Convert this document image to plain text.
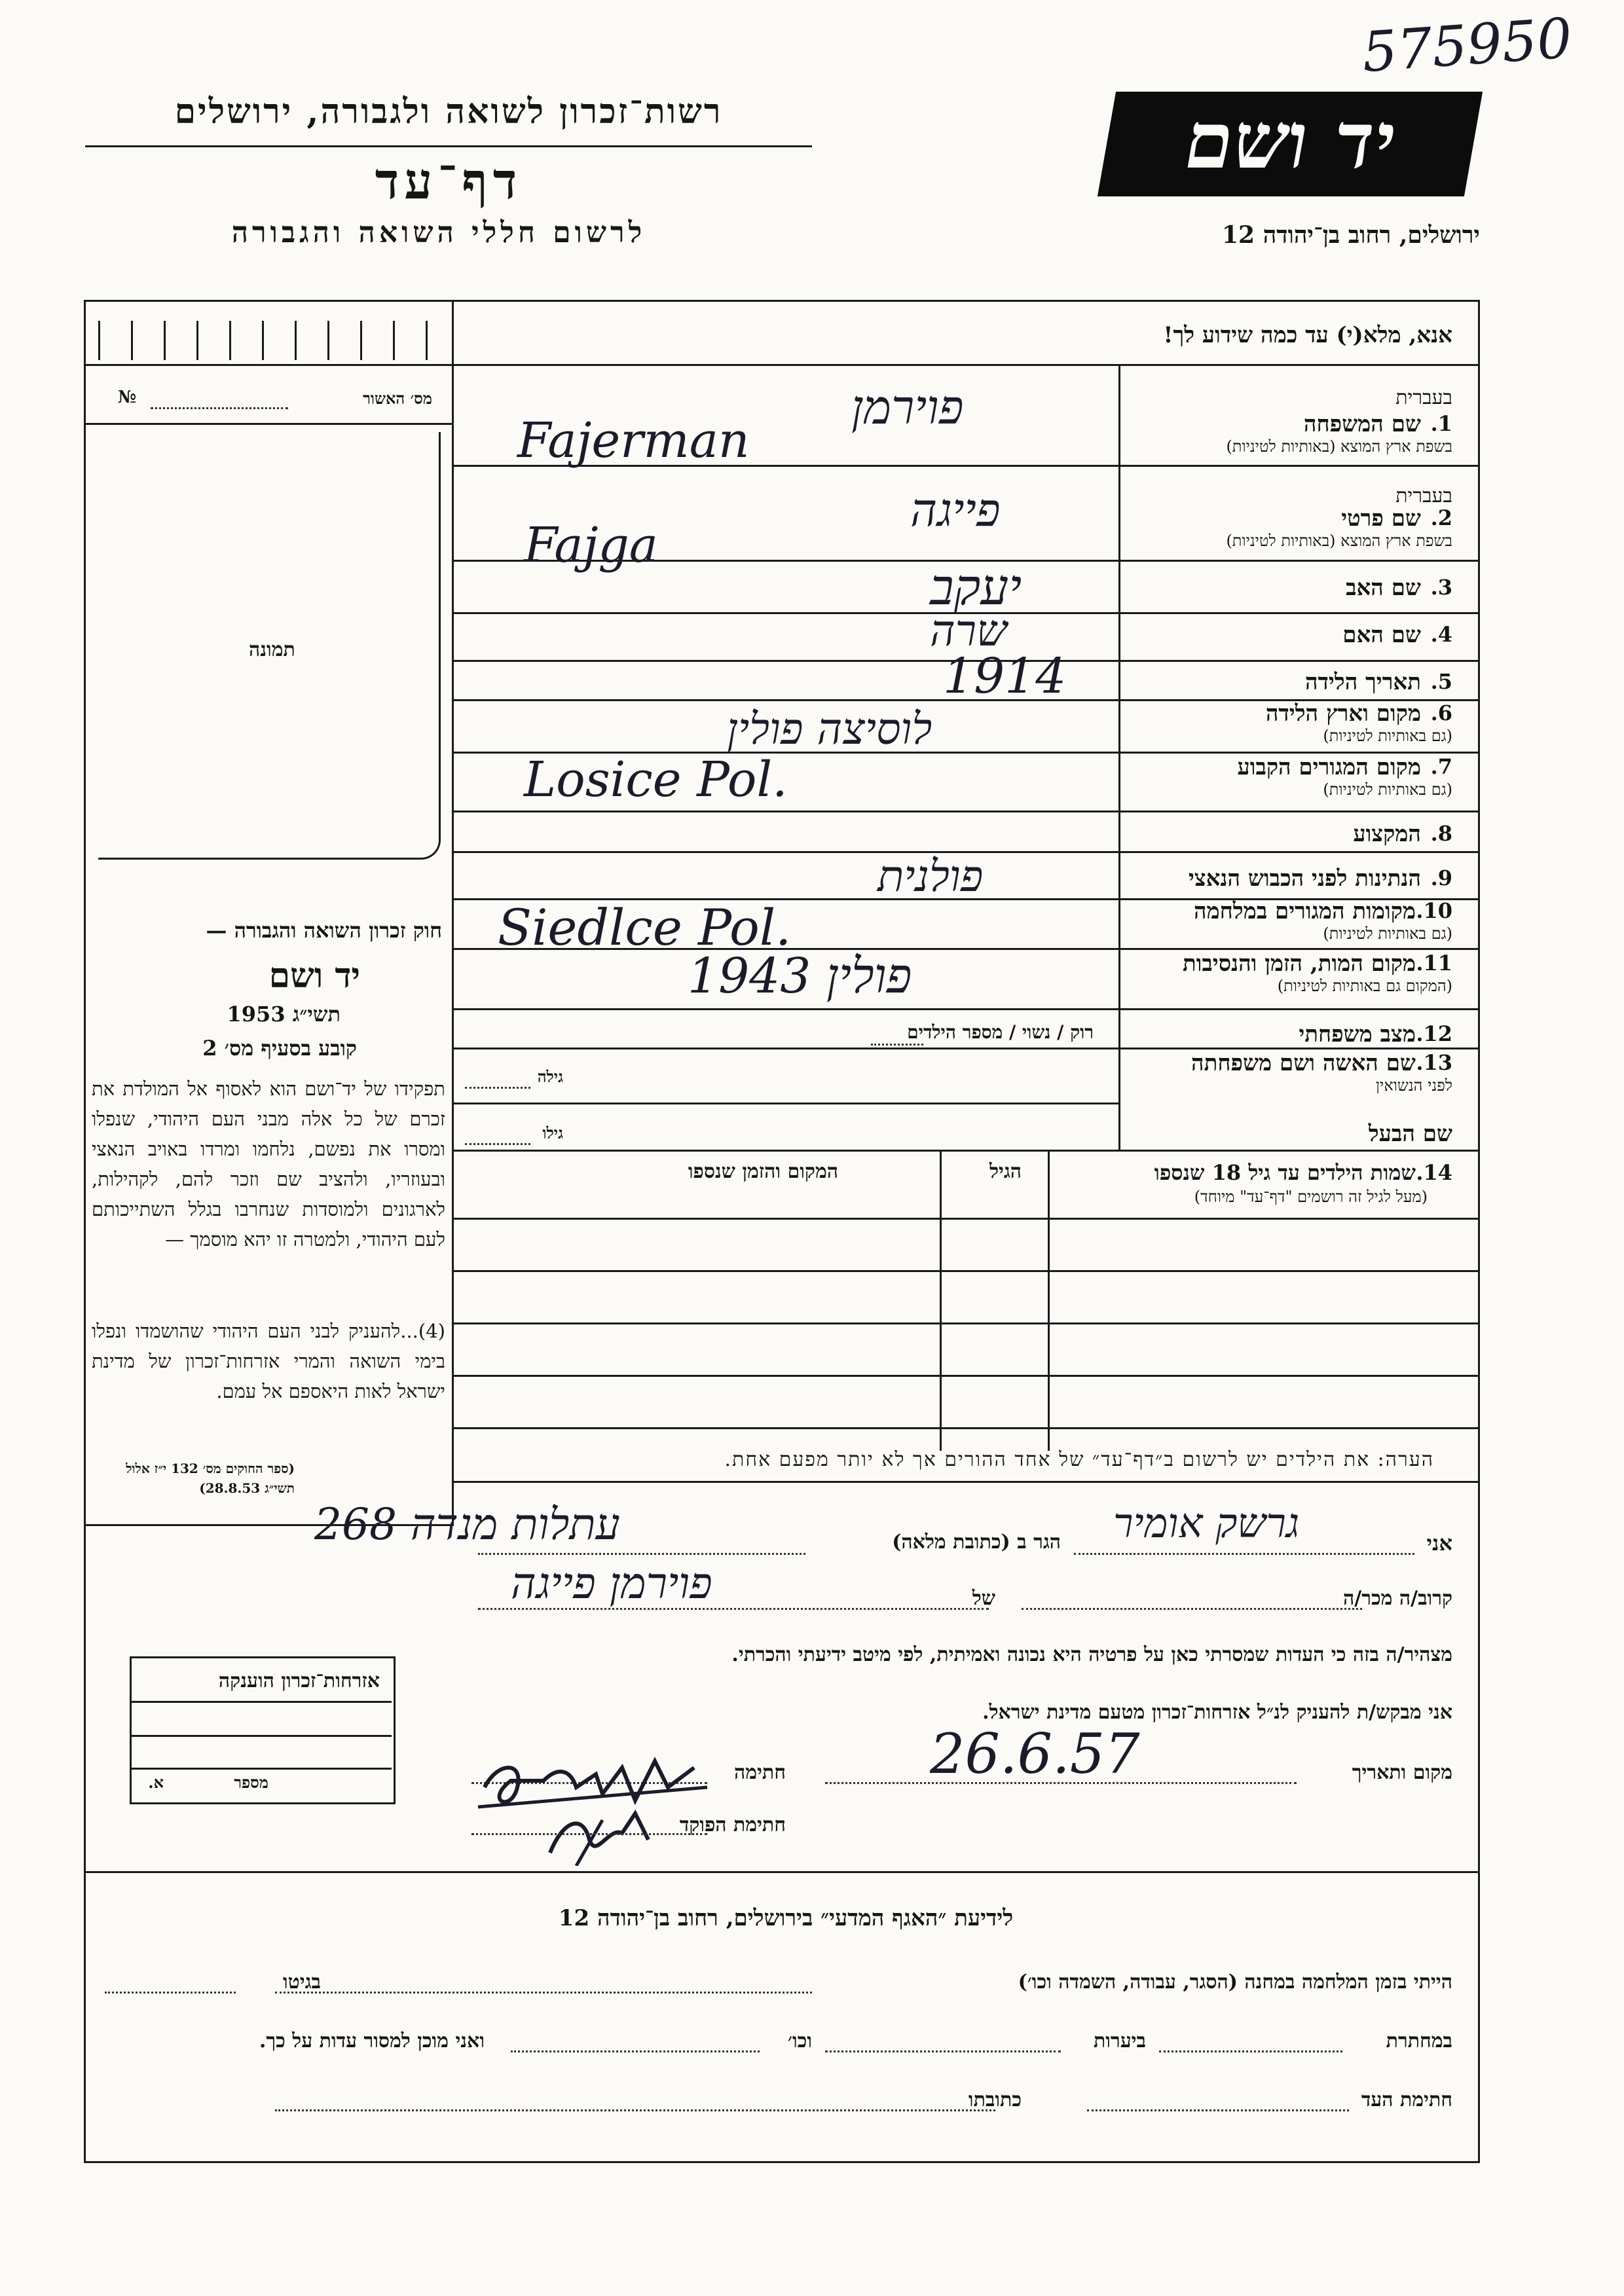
575950
רשות־זכרון לשואה ולגבורה, ירושלים
דף־עד
לרשום חללי השואה והגבורה
יד ושם
ירושלים, רחוב בן־יהודה 12
אנא, מלא(י) עד כמה שידוע לך!
№	מס׳ האשור
תמונה
בעברית
1.
שם המשפחה
בשפת ארץ המוצא (באותיות לטיניות)
בעברית
2.
שם פרטי
בשפת ארץ המוצא (באותיות לטיניות)
3.
שם האב
4.
שם האם
5.
תאריך הלידה
6.
מקום וארץ הלידה
(גם באותיות לטיניות)
7.
מקום המגורים הקבוע
(גם באותיות לטיניות)
8.
המקצוע
9.
הנתינות לפני הכבוש הנאצי
10.
מקומות המגורים במלחמה
(גם באותיות לטיניות)
11.
מקום המות, הזמן והנסיבות
(המקום גם באותיות לטיניות)
12.
מצב משפחתי
רוק / נשוי / מספר הילדים
13.
שם האשה ושם משפחתה
לפני הנשואין
גילה
שם הבעל
גילו
14.
שמות הילדים עד גיל 18 שנספו
(מעל לגיל זה רושמים "דף־עד" מיוחד)
הגיל
המקום והזמן שנספו
הערה: את הילדים יש לרשום ב״דף־עד״ של אחד ההורים אך לא יותר מפעם אחת.
חוק זכרון השואה והגבורה —
יד ושם
תשי״ג 1953
קובע בסעיף מס׳ 2
תפקידו של יד־ושם הוא לאסוף אל המולדת את זכרם של כל אלה מבני העם היהודי, שנפלו ומסרו את נפשם, נלחמו ומרדו באויב הנאצי ובעוזריו, ולהציב שם וזכר להם, לקהילות, לארגונים ולמוסדות שנחרבו בגלל השתייכותם לעם היהודי, ולמטרה זו יהא מוסמך —
(4)...להעניק לבני העם היהודי שהושמדו ונפלו בימי השואה והמרי אזרחות־זכרון של מדינת ישראל לאות היאספם אל עמם.
(ספר החוקים מס׳ 132 י״ז אלול תשי״ג 28.8.53)
פוירמן
Fajerman
פייגה
Fajga
יעקב
שרה
1914
לוסיצה פולין
Losice Pol.
פולנית
Siedlce Pol.
1943 פולין
אני
גרשק אומיר
הגר ב (כתובת מלאה)
268 עתלות מנדה
קרוב/ה מכר/ה
של
פוירמן פייגה
מצהיר/ה בזה כי העדות שמסרתי כאן על פרטיה היא נכונה ואמיתית, לפי מיטב ידיעתי והכרתי.
אני מבקש/ת להעניק לנ״ל אזרחות־זכרון מטעם מדינת ישראל.
מקום ותאריך
26.6.57
חתימה
חתימת הפוקד
אזרחות־זכרון הוענקה
מספר
א.
לידיעת ״האגף המדעי״ בירושלים, רחוב בן־יהודה 12
הייתי בזמן המלחמה במחנה (הסגר, עבודה, השמדה וכו׳)
בגיטו
במחתרת
ביערות
וכו׳
ואני מוכן למסור עדות על כך.
חתימת העד
כתובתו
